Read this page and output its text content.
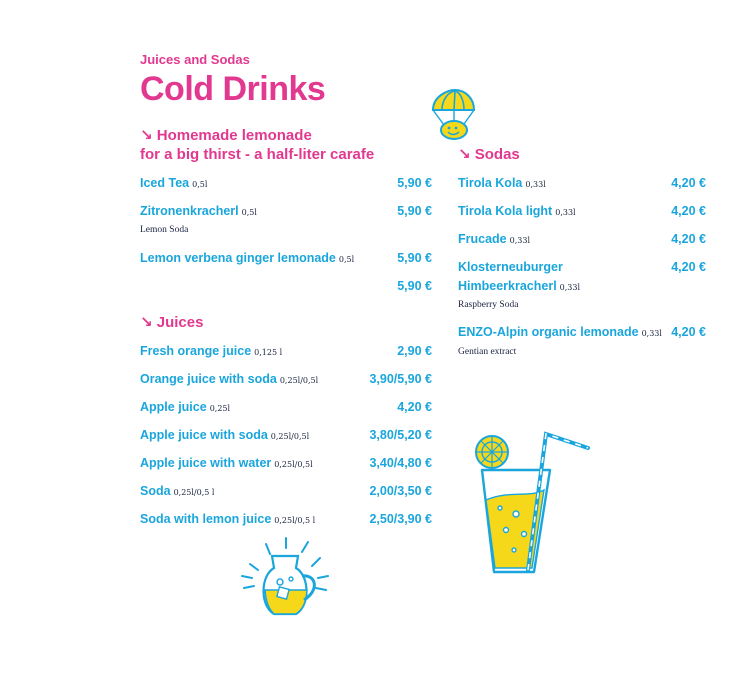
Juices and Sodas
Cold Drinks
↘ Homemade lemonade
for a big thirst - a half-liter carafe
Iced Tea 0,5l	5,90 €
Zitronenkracherl 0,5l	5,90 €
Lemon Soda
Lemon verbena ginger lemonade 0,5l	5,90 €
5,90 €
↘ Juices
Fresh orange juice 0,125 l	2,90 €
Orange juice with soda 0,25l/0,5l	3,90/5,90 €
Apple juice 0,25l	4,20 €
Apple juice with soda 0,25l/0,5l	3,80/5,20 €
Apple juice with water 0,25l/0,5l	3,40/4,80 €
Soda 0,25l/0,5 l	2,00/3,50 €
Soda with lemon juice 0,25l/0,5 l	2,50/3,90 €
↘ Sodas
Tirola Kola 0,33l	4,20 €
Tirola Kola light 0,33l	4,20 €
Frucade 0,33l	4,20 €
Klosterneuburger
Himbeerkracherl 0,33l
4,20 €
Raspberry Soda
ENZO-Alpin organic lemonade 0,33l 4,20 €
Gentian extract
